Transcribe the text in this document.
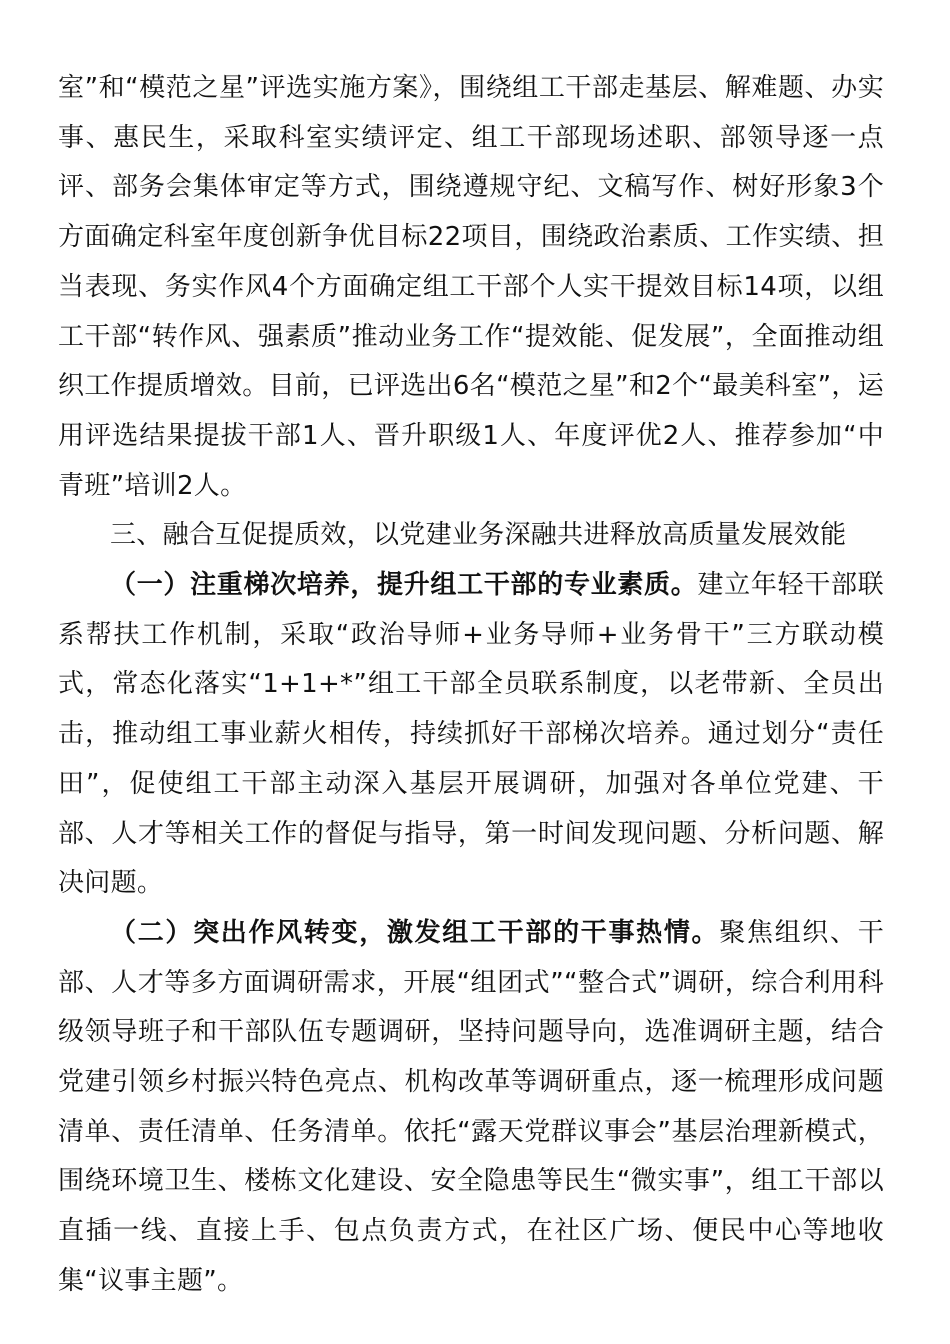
室”和“模范之星”评选实施方案》，围绕组工干部走基层、解难题、办实事、惠民生，采取科室实绩评定、组工干部现场述职、部领导逐一点评、部务会集体审定等方式，围绕遵规守纪、文稿写作、树好形象3个方面确定科室年度创新争优目标22项目，围绕政治素质、工作实绩、担当表现、务实作风4个方面确定组工干部个人实干提效目标14项，以组工干部“转作风、强素质”推动业务工作“提效能、促发展”，全面推动组织工作提质增效。目前，已评选出6名“模范之星”和2个“最美科室”，运用评选结果提拔干部1人、晋升职级1人、年度评优2人、推荐参加“中青班”培训2人。

三、融合互促提质效，以党建业务深融共进释放高质量发展效能

（一）注重梯次培养，提升组工干部的专业素质。建立年轻干部联系帮扶工作机制，采取“政治导师+业务导师+业务骨干”三方联动模式，常态化落实“1+1+*”组工干部全员联系制度，以老带新、全员出击，推动组工事业薪火相传，持续抓好干部梯次培养。通过划分“责任田”，促使组工干部主动深入基层开展调研，加强对各单位党建、干部、人才等相关工作的督促与指导，第一时间发现问题、分析问题、解决问题。

（二）突出作风转变，激发组工干部的干事热情。聚焦组织、干部、人才等多方面调研需求，开展“组团式”“整合式”调研，综合利用科级领导班子和干部队伍专题调研，坚持问题导向，选准调研主题，结合党建引领乡村振兴特色亮点、机构改革等调研重点，逐一梳理形成问题清单、责任清单、任务清单。依托“露天党群议事会”基层治理新模式，围绕环境卫生、楼栋文化建设、安全隐患等民生“微实事”，组工干部以直插一线、直接上手、包点负责方式，在社区广场、便民中心等地收集“议事主题”。
